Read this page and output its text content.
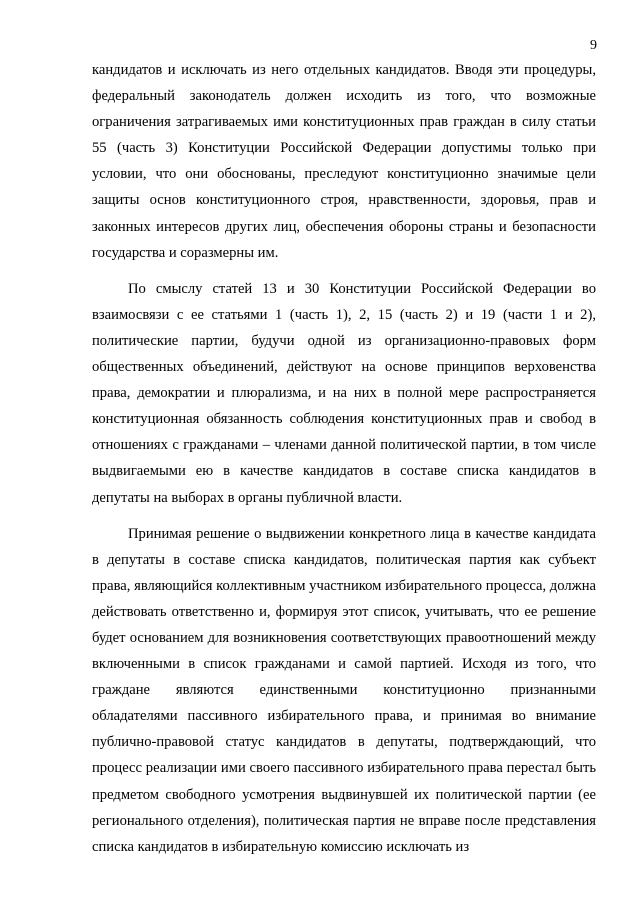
9

кандидатов и исключать из него отдельных кандидатов. Вводя эти процедуры, федеральный законодатель должен исходить из того, что возможные ограничения затрагиваемых ими конституционных прав граждан в силу статьи 55 (часть 3) Конституции Российской Федерации допустимы только при условии, что они обоснованы, преследуют конституционно значимые цели защиты основ конституционного строя, нравственности, здоровья, прав и законных интересов других лиц, обеспечения обороны страны и безопасности государства и соразмерны им.

По смыслу статей 13 и 30 Конституции Российской Федерации во взаимосвязи с ее статьями 1 (часть 1), 2, 15 (часть 2) и 19 (части 1 и 2), политические партии, будучи одной из организационно-правовых форм общественных объединений, действуют на основе принципов верховенства права, демократии и плюрализма, и на них в полной мере распространяется конституционная обязанность соблюдения конституционных прав и свобод в отношениях с гражданами – членами данной политической партии, в том числе выдвигаемыми ею в качестве кандидатов в составе списка кандидатов в депутаты на выборах в органы публичной власти.

Принимая решение о выдвижении конкретного лица в качестве кандидата в депутаты в составе списка кандидатов, политическая партия как субъект права, являющийся коллективным участником избирательного процесса, должна действовать ответственно и, формируя этот список, учитывать, что ее решение будет основанием для возникновения соответствующих правоотношений между включенными в список гражданами и самой партией. Исходя из того, что граждане являются единственными конституционно признанными обладателями пассивного избирательного права, и принимая во внимание публично-правовой статус кандидатов в депутаты, подтверждающий, что процесс реализации ими своего пассивного избирательного права перестал быть предметом свободного усмотрения выдвинувшей их политической партии (ее регионального отделения), политическая партия не вправе после представления списка кандидатов в избирательную комиссию исключать из
